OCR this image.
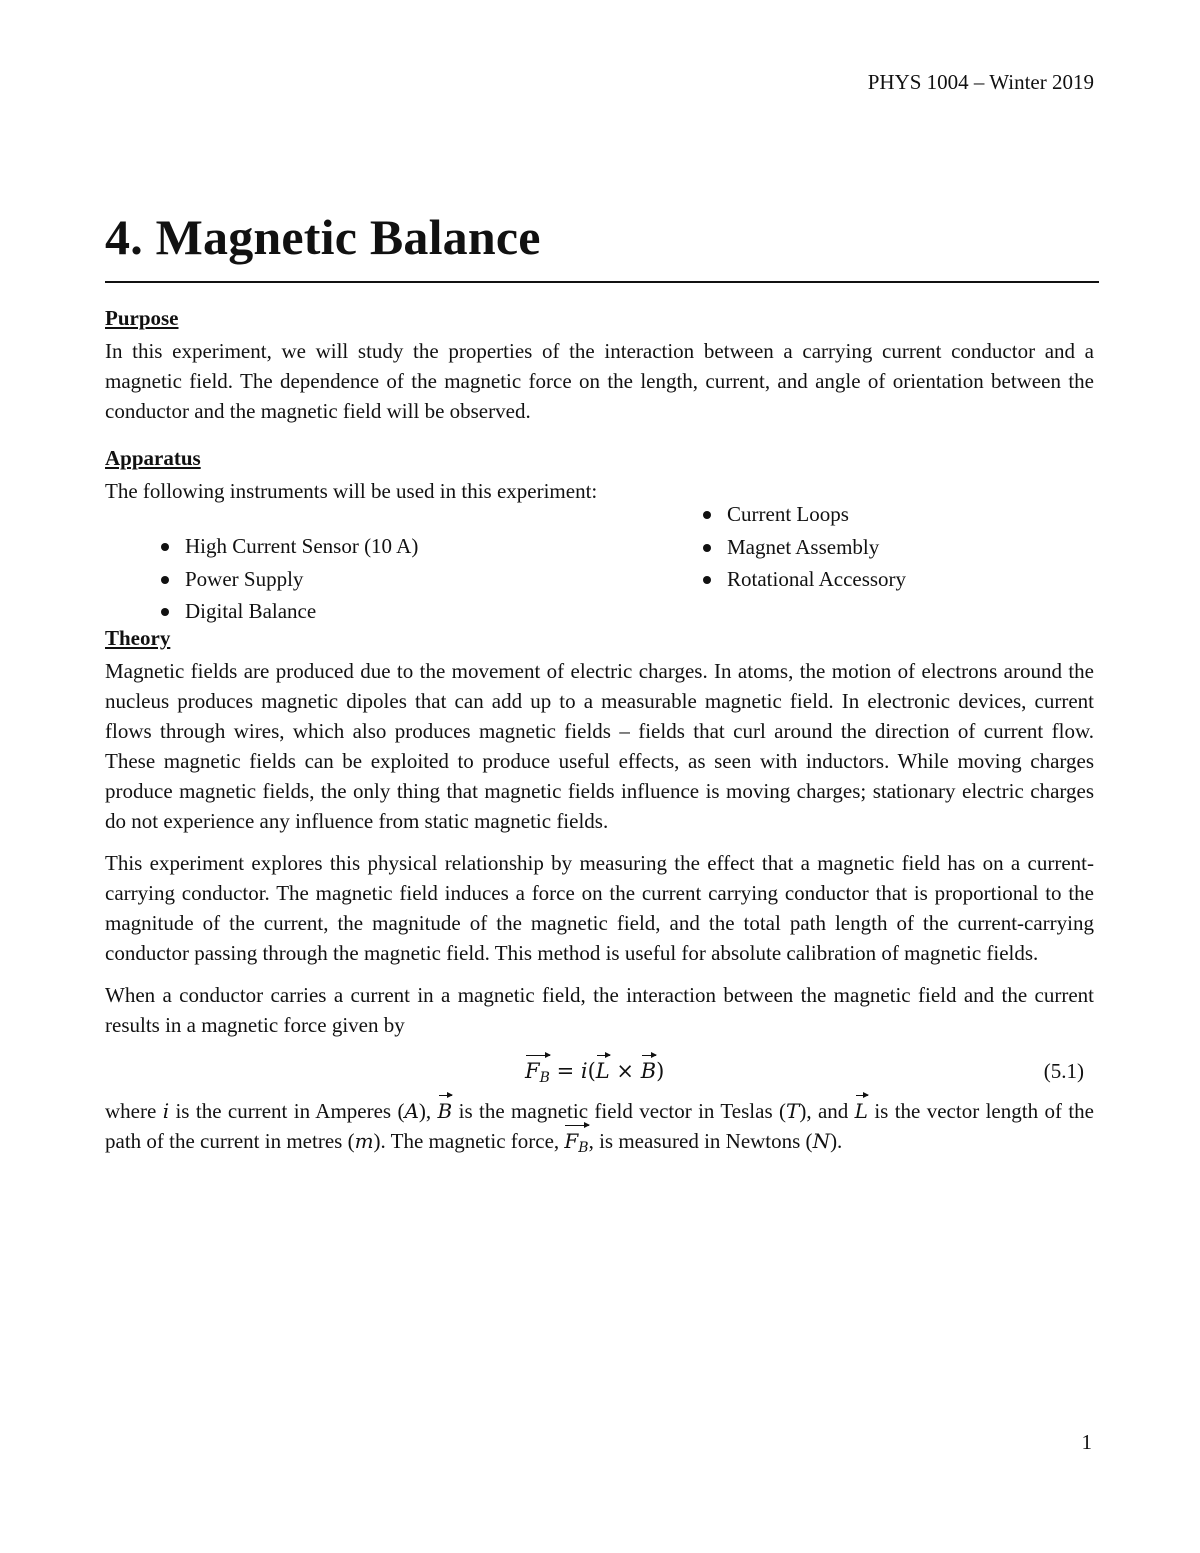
PHYS 1004 – Winter 2019
4. Magnetic Balance
Purpose

In this experiment, we will study the properties of the interaction between a carrying current conductor and a magnetic field. The dependence of the magnetic force on the length, current, and angle of orientation between the conductor and the magnetic field will be observed.

Apparatus

The following instruments will be used in this experiment:

High Current Sensor (10 A)
Power Supply
Digital Balance
Current Loops
Magnet Assembly
Rotational Accessory
Theory

Magnetic fields are produced due to the movement of electric charges. In atoms, the motion of electrons around the nucleus produces magnetic dipoles that can add up to a measurable magnetic field. In electronic devices, current flows through wires, which also produces magnetic fields – fields that curl around the direction of current flow. These magnetic fields can be exploited to produce useful effects, as seen with inductors. While moving charges produce magnetic fields, the only thing that magnetic fields influence is moving charges; stationary electric charges do not experience any influence from static magnetic fields.

This experiment explores this physical relationship by measuring the effect that a magnetic field has on a current-carrying conductor. The magnetic field induces a force on the current carrying conductor that is proportional to the magnitude of the current, the magnitude of the magnetic field, and the total path length of the current-carrying conductor passing through the magnetic field. This method is useful for absolute calibration of magnetic fields.

When a conductor carries a current in a magnetic field, the interaction between the magnetic field and the current results in a magnetic force given by

$F_B = i(L \times B)$	(5.1)

where i is the current in Amperes (A), B is the magnetic field vector in Teslas (T), and L is the vector length of the path of the current in metres (m). The magnetic force, $F_B$, is measured in Newtons (N).

1
